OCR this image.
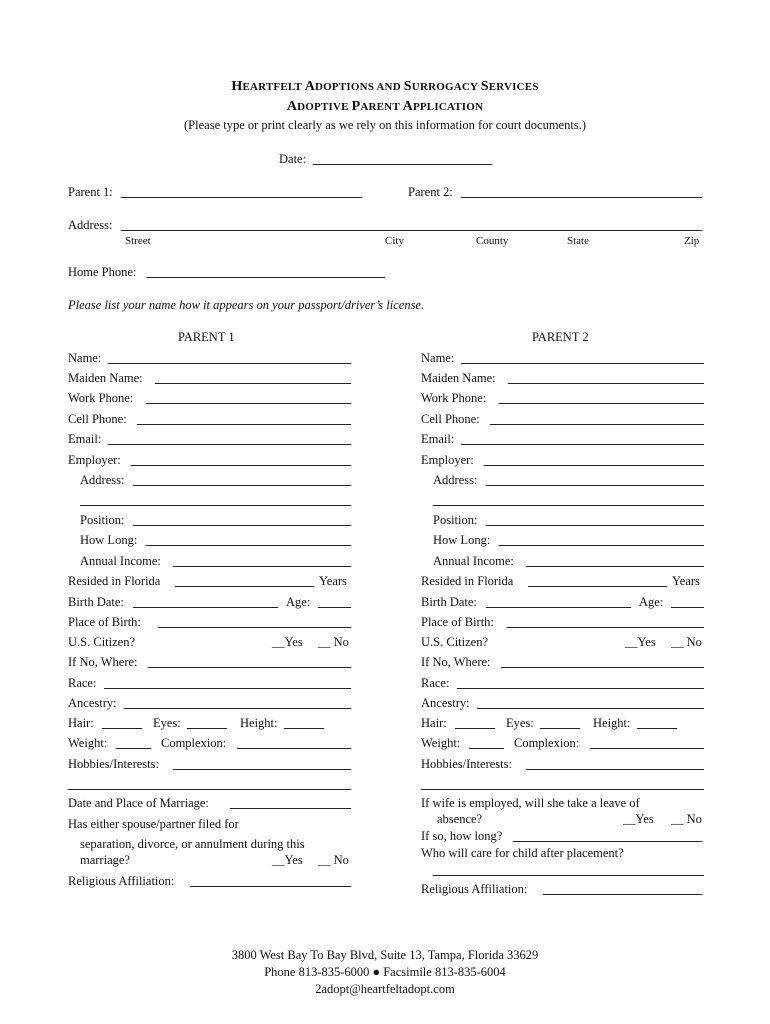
HEARTFELT ADOPTIONS AND SURROGACY SERVICES
ADOPTIVE PARENT APPLICATION
(Please type or print clearly as we rely on this information for court documents.)
Date:
Parent 1:	Parent 2:
Address:
Street	City	County	State	Zip
Home Phone:
Please list your name how it appears on your passport/driver’s license.
PARENT 1
Name:
Maiden Name:
Work Phone:
Cell Phone:
Email:
Employer:
Address:
Position:
How Long:
Annual Income:
Resided in Florida	Years
Birth Date:	Age:
Place of Birth:
U.S. Citizen?	__Yes __ No
If No, Where:
Race:
Ancestry:
Hair:	Eyes:	Height:
Weight:	Complexion:
Hobbies/Interests:
PARENT 2
Name:
Maiden Name:
Work Phone:
Cell Phone:
Email:
Employer:
Address:
Position:
How Long:
Annual Income:
Resided in Florida	Years
Birth Date:	Age:
Place of Birth:
U.S. Citizen?	__Yes __ No
If No, Where:
Race:
Ancestry:
Hair:	Eyes:	Height:
Weight:	Complexion:
Hobbies/Interests:
Date and Place of Marriage:
Has either spouse/partner filed for
separation, divorce, or annulment during this
marriage?	__Yes __ No
Religious Affiliation:
If wife is employed, will she take a leave of
absence?	__Yes __ No
If so, how long?
Who will care for child after placement?
Religious Affiliation:
3800 West Bay To Bay Blvd, Suite 13, Tampa, Florida 33629
Phone 813-835-6000 ● Facsimile 813-835-6004
2adopt@heartfeltadopt.com
